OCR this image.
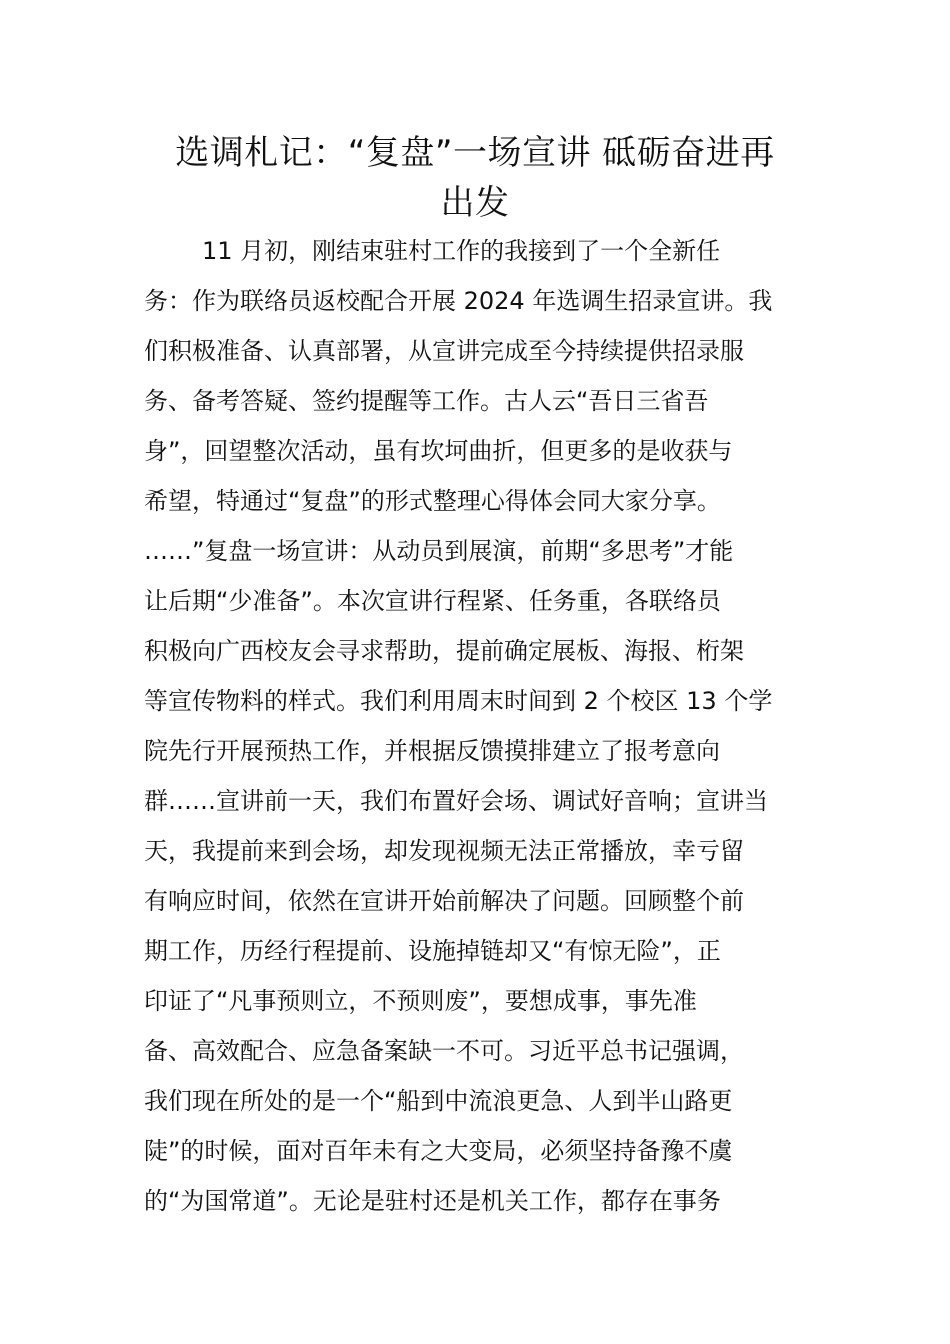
选调札记：“复盘”一场宣讲 砥砺奋进再
出发
11 月初，刚结束驻村工作的我接到了一个全新任
务：作为联络员返校配合开展 2024 年选调生招录宣讲。我
们积极准备、认真部署，从宣讲完成至今持续提供招录服
务、备考答疑、签约提醒等工作。古人云“吾日三省吾
身”，回望整次活动，虽有坎坷曲折，但更多的是收获与
希望，特通过“复盘”的形式整理心得体会同大家分享。
……”复盘一场宣讲：从动员到展演，前期“多思考”才能
让后期“少准备”。本次宣讲行程紧、任务重，各联络员
积极向广西校友会寻求帮助，提前确定展板、海报、桁架
等宣传物料的样式。我们利用周末时间到 2 个校区 13 个学
院先行开展预热工作，并根据反馈摸排建立了报考意向
群……宣讲前一天，我们布置好会场、调试好音响；宣讲当
天，我提前来到会场，却发现视频无法正常播放，幸亏留
有响应时间，依然在宣讲开始前解决了问题。回顾整个前
期工作，历经行程提前、设施掉链却又“有惊无险”，正
印证了“凡事预则立，不预则废”，要想成事，事先准
备、高效配合、应急备案缺一不可。习近平总书记强调，
我们现在所处的是一个“船到中流浪更急、人到半山路更
陡”的时候，面对百年未有之大变局，必须坚持备豫不虞
的“为国常道”。无论是驻村还是机关工作，都存在事务
